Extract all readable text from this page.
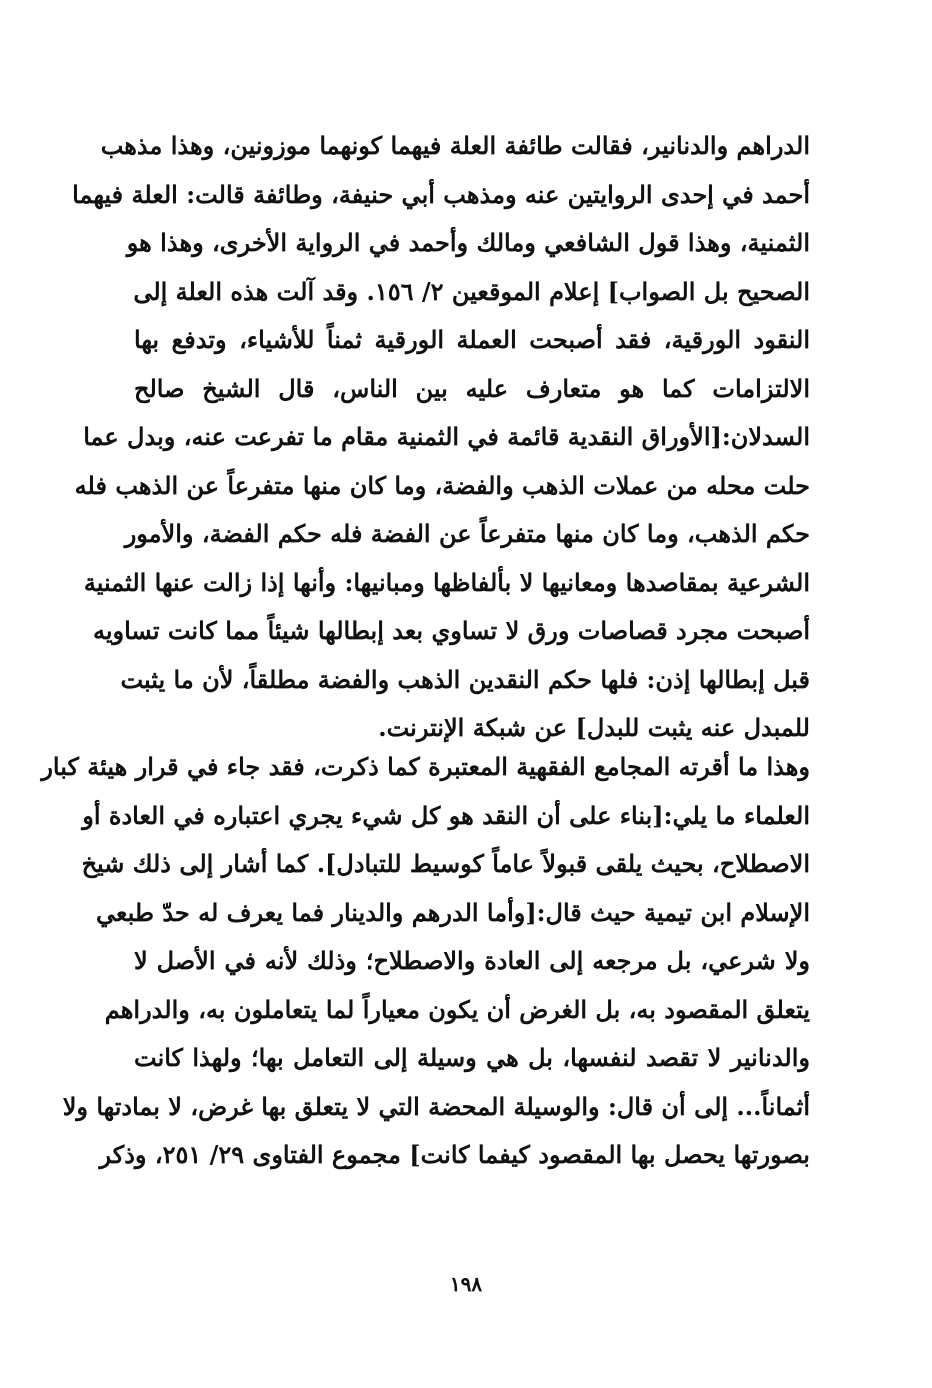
الدراهم والدنانير، فقالت طائفة العلة فيهما كونهما موزونين، وهذا مذهب
أحمد في إحدى الروايتين عنه ومذهب أبي حنيفة، وطائفة قالت: العلة فيهما
الثمنية، وهذا قول الشافعي ومالك وأحمد في الرواية الأخرى، وهذا هو
الصحيح بل الصواب] إعلام الموقعين ٢/ ١٥٦. وقد آلت هذه العلة إلى
النقود الورقية، فقد أصبحت العملة الورقية ثمناً للأشياء، وتدفع بها
الالتزامات كما هو متعارف عليه بين الناس، قال الشيخ صالح
السدلان:[الأوراق النقدية قائمة في الثمنية مقام ما تفرعت عنه، وبدل عما
حلت محله من عملات الذهب والفضة، وما كان منها متفرعاً عن الذهب فله
حكم الذهب، وما كان منها متفرعاً عن الفضة فله حكم الفضة، والأمور
الشرعية بمقاصدها ومعانيها لا بألفاظها ومبانيها: وأنها إذا زالت عنها الثمنية
أصبحت مجرد قصاصات ورق لا تساوي بعد إبطالها شيئاً مما كانت تساويه
قبل إبطالها إذن: فلها حكم النقدين الذهب والفضة مطلقاً، لأن ما يثبت
للمبدل عنه يثبت للبدل] عن شبكة الإنترنت.
وهذا ما أقرته المجامع الفقهية المعتبرة كما ذكرت، فقد جاء في قرار هيئة كبار
العلماء ما يلي:[بناء على أن النقد هو كل شيء يجري اعتباره في العادة أو
الاصطلاح، بحيث يلقى قبولاً عاماً كوسيط للتبادل]. كما أشار إلى ذلك شيخ
الإسلام ابن تيمية حيث قال:[وأما الدرهم والدينار فما يعرف له حدّ طبعي
ولا شرعي، بل مرجعه إلى العادة والاصطلاح؛ وذلك لأنه في الأصل لا
يتعلق المقصود به، بل الغرض أن يكون معياراً لما يتعاملون به، والدراهم
والدنانير لا تقصد لنفسها، بل هي وسيلة إلى التعامل بها؛ ولهذا كانت
أثماناً... إلى أن قال: والوسيلة المحضة التي لا يتعلق بها غرض، لا بمادتها ولا
بصورتها يحصل بها المقصود كيفما كانت] مجموع الفتاوى ٢٩/ ٢٥١، وذكر
١٩٨
